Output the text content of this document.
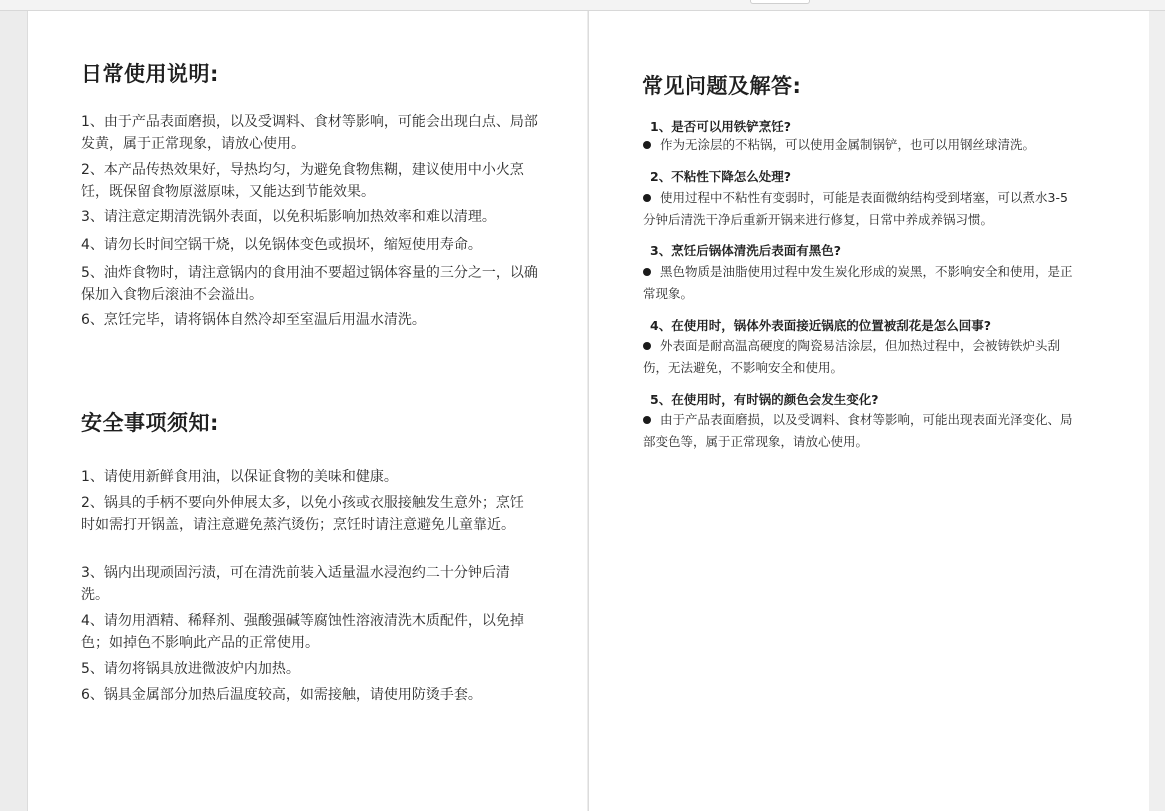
日常使用说明:

1、由于产品表面磨损，以及受调料、食材等影响，可能会出现白点、局部发黄，属于正常现象，请放心使用。

2、本产品传热效果好，导热均匀，为避免食物焦糊，建议使用中小火烹饪，既保留食物原滋原味，又能达到节能效果。

3、请注意定期清洗锅外表面，以免积垢影响加热效率和难以清理。

4、请勿长时间空锅干烧，以免锅体变色或损坏，缩短使用寿命。

5、油炸食物时，请注意锅内的食用油不要超过锅体容量的三分之一，以确保加入食物后滚油不会溢出。

6、烹饪完毕，请将锅体自然冷却至室温后用温水清洗。

安全事项须知:

1、请使用新鲜食用油，以保证食物的美味和健康。

2、锅具的手柄不要向外伸展太多，以免小孩或衣服接触发生意外；烹饪时如需打开锅盖，请注意避免蒸汽烫伤；烹饪时请注意避免儿童靠近。

3、锅内出现顽固污渍，可在清洗前装入适量温水浸泡约二十分钟后清洗。

4、请勿用酒精、稀释剂、强酸强碱等腐蚀性溶液清洗木质配件，以免掉色；如掉色不影响此产品的正常使用。

5、请勿将锅具放进微波炉内加热。

6、锅具金属部分加热后温度较高，如需接触，请使用防烫手套。

常见问题及解答:

1、是否可以用铁铲烹饪?

作为无涂层的不粘锅，可以使用金属制锅铲，也可以用钢丝球清洗。

2、不粘性下降怎么处理?

使用过程中不粘性有变弱时，可能是表面微纳结构受到堵塞，可以煮水3-5分钟后清洗干净后重新开锅来进行修复，日常中养成养锅习惯。

3、烹饪后锅体清洗后表面有黑色?

黑色物质是油脂使用过程中发生炭化形成的炭黑，不影响安全和使用，是正常现象。

4、在使用时，锅体外表面接近锅底的位置被刮花是怎么回事?

外表面是耐高温高硬度的陶瓷易洁涂层，但加热过程中，会被铸铁炉头刮伤，无法避免，不影响安全和使用。

5、在使用时，有时锅的颜色会发生变化?

由于产品表面磨损，以及受调料、食材等影响，可能出现表面光泽变化、局部变色等，属于正常现象，请放心使用。
